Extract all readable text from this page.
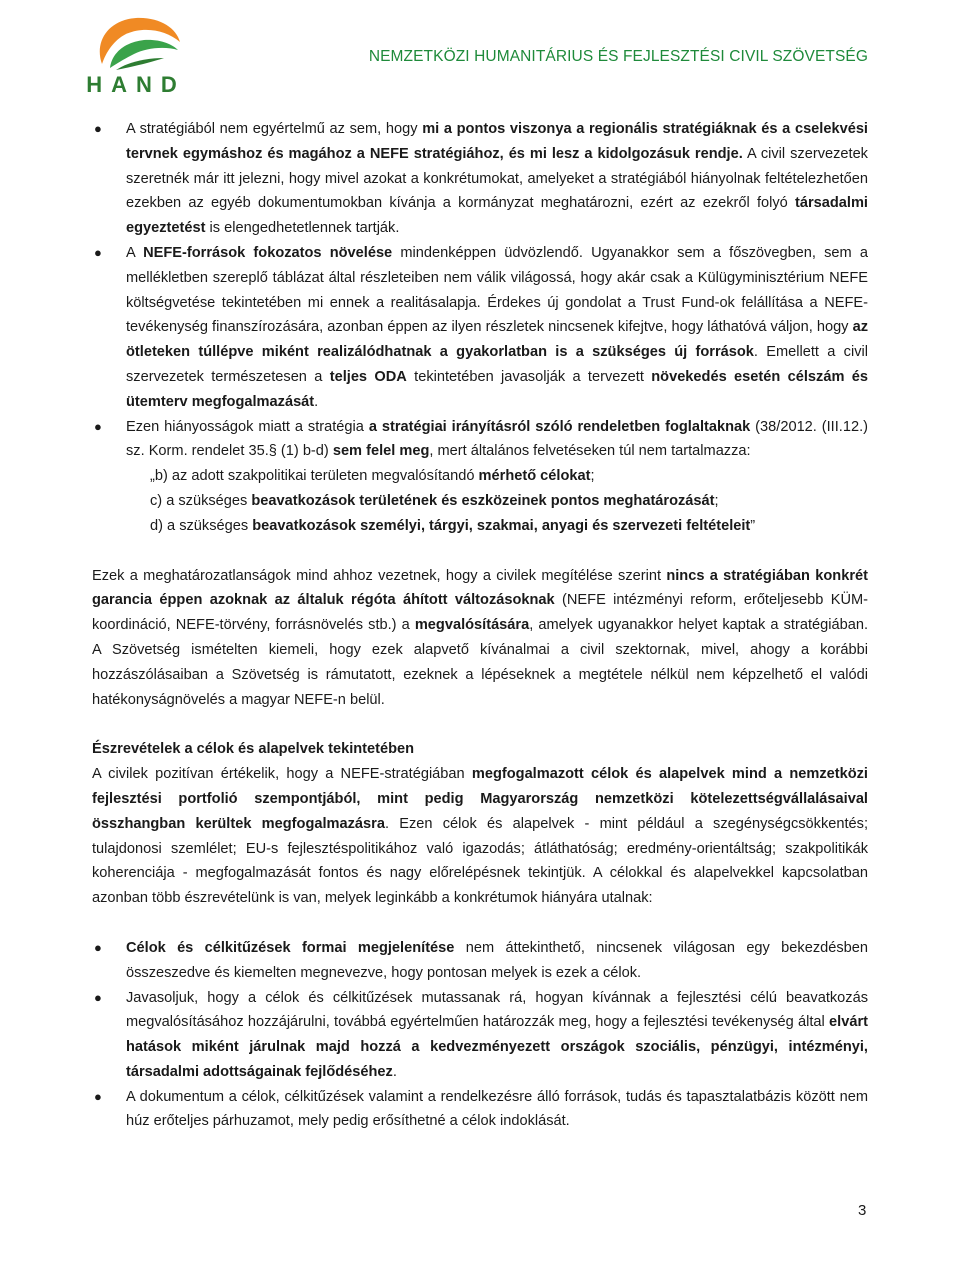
HAND
NEMZETKÖZI HUMANITÁRIUS ÉS FEJLESZTÉSI CIVIL SZÖVETSÉG
● A stratégiából nem egyértelmű az sem, hogy mi a pontos viszonya a regionális stratégiáknak és a cselekvési tervnek egymáshoz és magához a NEFE stratégiához, és mi lesz a kidolgozásuk rendje. A civil szervezetek szeretnék már itt jelezni, hogy mivel azokat a konkrétumokat, amelyeket a stratégiából hiányolnak feltételezhetően ezekben az egyéb dokumentumokban kívánja a kormányzat meghatározni, ezért az ezekről folyó társadalmi egyeztetést is elengedhetetlennek tartják.
● A NEFE-források fokozatos növelése mindenképpen üdvözlendő. Ugyanakkor sem a főszövegben, sem a mellékletben szereplő táblázat által részleteiben nem válik világossá, hogy akár csak a Külügyminisztérium NEFE költségvetése tekintetében mi ennek a realitásalapja. Érdekes új gondolat a Trust Fund-ok felállítása a NEFE-tevékenység finanszírozására, azonban éppen az ilyen részletek nincsenek kifejtve, hogy láthatóvá váljon, hogy az ötleteken túllépve miként realizálódhatnak a gyakorlatban is a szükséges új források. Emellett a civil szervezetek természetesen a teljes ODA tekintetében javasolják a tervezett növekedés esetén célszám és ütemterv megfogalmazását.
● Ezen hiányosságok miatt a stratégia a stratégiai irányításról szóló rendeletben foglaltaknak (38/2012. (III.12.) sz. Korm. rendelet 35.§ (1) b-d) sem felel meg, mert általános felvetéseken túl nem tartalmazza:
„b) az adott szakpolitikai területen megvalósítandó mérhető célokat;
c) a szükséges beavatkozások területének és eszközeinek pontos meghatározását;
d) a szükséges beavatkozások személyi, tárgyi, szakmai, anyagi és szervezeti feltételeit”

Ezek a meghatározatlanságok mind ahhoz vezetnek, hogy a civilek megítélése szerint nincs a stratégiában konkrét garancia éppen azoknak az általuk régóta áhított változásoknak (NEFE intézményi reform, erőteljesebb KÜM-koordináció, NEFE-törvény, forrásnövelés stb.) a megvalósítására, amelyek ugyanakkor helyet kaptak a stratégiában. A Szövetség ismételten kiemeli, hogy ezek alapvető kívánalmai a civil szektornak, mivel, ahogy a korábbi hozzászólásaiban a Szövetség is rámutatott, ezeknek a lépéseknek a megtétele nélkül nem képzelhető el valódi hatékonyságnövelés a magyar NEFE-n belül.

Észrevételek a célok és alapelvek tekintetében

A civilek pozitívan értékelik, hogy a NEFE-stratégiában megfogalmazott célok és alapelvek mind a nemzetközi fejlesztési portfolió szempontjából, mint pedig Magyarország nemzetközi kötelezettségvállalásaival összhangban kerültek megfogalmazásra. Ezen célok és alapelvek - mint például a szegénységcsökkentés; tulajdonosi szemlélet; EU-s fejlesztéspolitikához való igazodás; átláthatóság; eredmény-orientáltság; szakpolitikák koherenciája - megfogalmazását fontos és nagy előrelépésnek tekintjük. A célokkal és alapelvekkel kapcsolatban azonban több észrevételünk is van, melyek leginkább a konkrétumok hiányára utalnak:

● Célok és célkitűzések formai megjelenítése nem áttekinthető, nincsenek világosan egy bekezdésben összeszedve és kiemelten megnevezve, hogy pontosan melyek is ezek a célok.
● Javasoljuk, hogy a célok és célkitűzések mutassanak rá, hogyan kívánnak a fejlesztési célú beavatkozás megvalósításához hozzájárulni, továbbá egyértelműen határozzák meg, hogy a fejlesztési tevékenység által elvárt hatások miként járulnak majd hozzá a kedvezményezett országok szociális, pénzügyi, intézményi, társadalmi adottságainak fejlődéséhez.
● A dokumentum a célok, célkitűzések valamint a rendelkezésre álló források, tudás és tapasztalatbázis között nem húz erőteljes párhuzamot, mely pedig erősíthetné a célok indoklását.
3
